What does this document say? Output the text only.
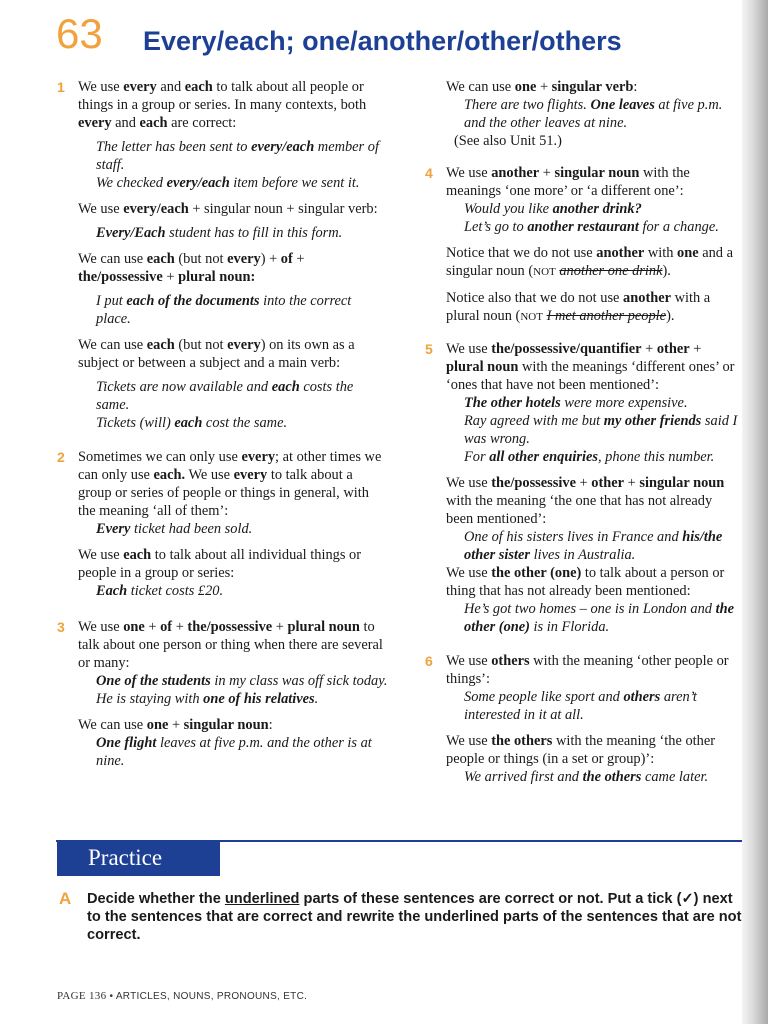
63 Every/each; one/another/other/others
1 We use every and each to talk about all people or things in a group or series. In many contexts, both every and each are correct:

The letter has been sent to every/each member of staff.

We checked every/each item before we sent it.

We use every/each + singular noun + singular verb:

Every/Each student has to fill in this form.

We can use each (but not every) + of + the/possessive + plural noun:

I put each of the documents into the correct place.

We can use each (but not every) on its own as a subject or between a subject and a main verb:

Tickets are now available and each costs the same.

Tickets (will) each cost the same.

2 Sometimes we can only use every; at other times we can only use each. We use every to talk about a group or series of people or things in general, with the meaning ‘all of them’:

Every ticket had been sold.

We use each to talk about all individual things or people in a group or series:

Each ticket costs £20.

3 We use one + of + the/possessive + plural noun to talk about one person or thing when there are several or many:

One of the students in my class was off sick today.

He is staying with one of his relatives.

We can use one + singular noun:

One flight leaves at five p.m. and the other is at nine.

We can use one + singular verb:

There are two flights. One leaves at five p.m. and the other leaves at nine.

(See also Unit 51.)

4 We use another + singular noun with the meanings ‘one more’ or ‘a different one’:

Would you like another drink?

Let’s go to another restaurant for a change.

Notice that we do not use another with one and a singular noun (NOT another one drink).

Notice also that we do not use another with a plural noun (NOT I met another people).

5 We use the/possessive/quantifier + other + plural noun with the meanings ‘different ones’ or ‘ones that have not been mentioned’:

The other hotels were more expensive.

Ray agreed with me but my other friends said I was wrong.

For all other enquiries, phone this number.

We use the/possessive + other + singular noun with the meaning ‘the one that has not already been mentioned’:

One of his sisters lives in France and his/the other sister lives in Australia.

We use the other (one) to talk about a person or thing that has not already been mentioned:

He’s got two homes – one is in London and the other (one) is in Florida.

6 We use others with the meaning ‘other people or things’:

Some people like sport and others aren’t interested in it at all.

We use the others with the meaning ‘the other people or things (in a set or group)’:

We arrived first and the others came later.

Practice
A Decide whether the underlined parts of these sentences are correct or not. Put a tick (✓) next to the sentences that are correct and rewrite the underlined parts of the sentences that are not correct.
PAGE 136 • ARTICLES, NOUNS, PRONOUNS, ETC.
